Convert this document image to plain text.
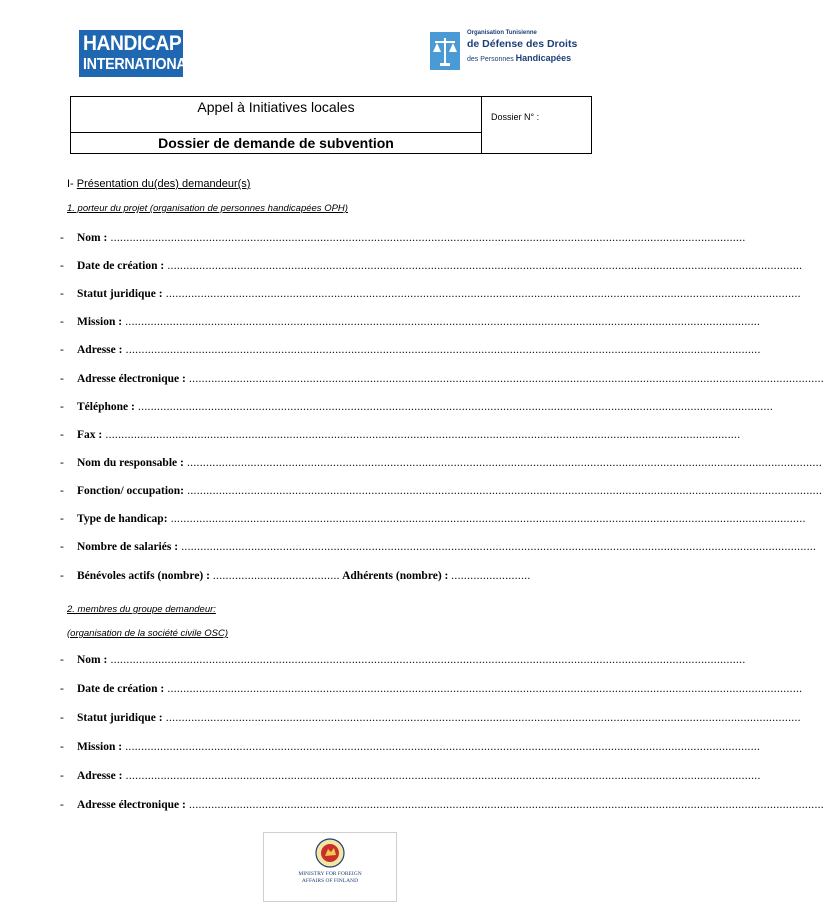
HANDICAP
INTERNATIONAL
Organisation Tunisienne
de Défense des Droits
des Personnes Handicapées
Appel à Initiatives locales
Dossier de demande de subvention
Dossier N° :
I- Présentation du(des) demandeur(s)
1. porteur du projet (organisation de personnes handicapées OPH)
- Nom : ........................................................................................................................................................................................................
- Date de création : ........................................................................................................................................................................................................
- Statut juridique : ........................................................................................................................................................................................................
- Mission : ........................................................................................................................................................................................................
- Adresse : ........................................................................................................................................................................................................
- Adresse électronique : ........................................................................................................................................................................................................
- Téléphone : ........................................................................................................................................................................................................
- Fax : ........................................................................................................................................................................................................
- Nom du responsable : ........................................................................................................................................................................................................
- Fonction/ occupation: ........................................................................................................................................................................................................
- Type de handicap: ........................................................................................................................................................................................................
- Nombre de salariés : ........................................................................................................................................................................................................
- Bénévoles actifs (nombre) : ........................................ Adhérents (nombre) : .........................
2. membres du groupe demandeur:
(organisation de la société civile OSC)
- Nom : ........................................................................................................................................................................................................
- Date de création : ........................................................................................................................................................................................................
- Statut juridique : ........................................................................................................................................................................................................
- Mission : ........................................................................................................................................................................................................
- Adresse : ........................................................................................................................................................................................................
- Adresse électronique : ........................................................................................................................................................................................................
MINISTRY FOR FOREIGN
AFFAIRS OF FINLAND
